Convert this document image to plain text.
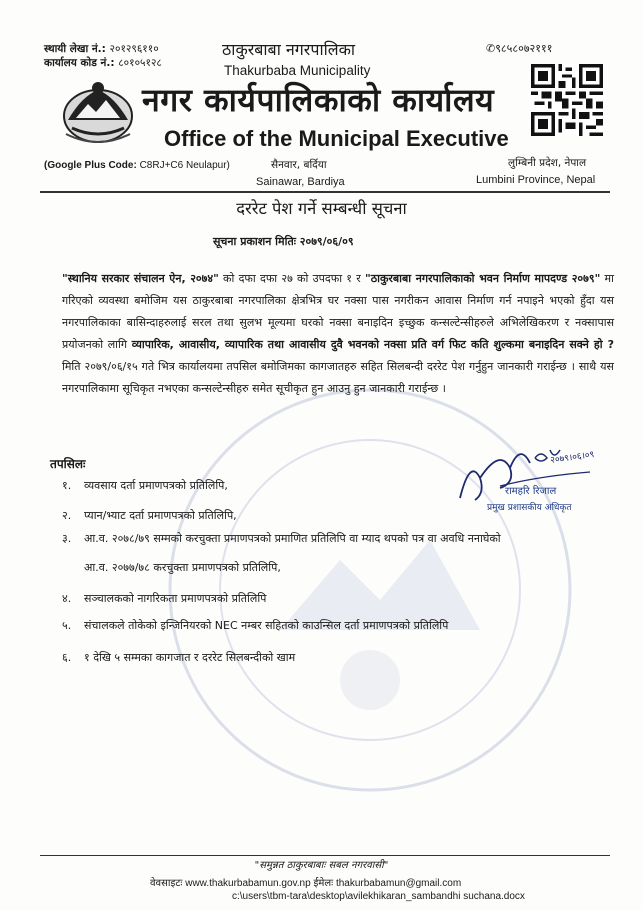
स्थायी लेखा नं.: २०१२९६११०
कार्यालय कोड नं.: ८०१०५१२८
ठाकुरबाबा नगरपालिका
Thakurbaba Municipality
✆९८५८०७२१११
नगर कार्यपालिकाको कार्यालय
Office of the Municipal Executive
(Google Plus Code: C8RJ+C6 Neulapur)	सैनवार, बर्दिया
Sainawar, Bardiya
लुम्बिनी प्रदेश, नेपाल
Lumbini Province, Nepal
दररेट पेश गर्ने सम्बन्धी सूचना
सूचना प्रकाशन मितिः २०७९/०६/०९
"स्थानिय सरकार संचालन ऐन, २०७४" को दफा दफा २७ को उपदफा १ र "ठाकुरबाबा नगरपालिकाको भवन निर्माण मापदण्ड २०७९" मा गरिएको व्यवस्था बमोजिम यस ठाकुरबाबा नगरपालिका क्षेत्रभित्र घर नक्सा पास नगरीकन आवास निर्माण गर्न नपाइने भएको हुँदा यस नगरपालिकाका बासिन्दाहरुलाई सरल तथा सुलभ मूल्यमा घरको नक्सा बनाइदिन इच्छुक कन्सल्टेन्सीहरुले अभिलेखिकरण र नक्सापास प्रयोजनको लागि व्यापारिक, आवासीय, व्यापारिक तथा आवासीय दुवै भवनको नक्सा प्रति वर्ग फिट कति शुल्कमा बनाइदिन सक्ने हो ? मिति २०७९/०६/१५ गते भित्र कार्यालयमा तपसिल बमोजिमका कागजातहरु सहित सिलबन्दी दररेट पेश गर्नुहुन जानकारी गराईन्छ । साथै यस नगरपालिकामा सूचिकृत नभएका कन्सल्टेन्सीहरु समेत सूचीकृत हुन आउनु हुन जानकारी गराईन्छ ।
तपसिलः
१. व्यवसाय दर्ता प्रमाणपत्रको प्रतिलिपि,
२. प्यान/भ्याट दर्ता प्रमाणपत्रको प्रतिलिपि,
३. आ.व. २०७८/७९ सम्मको करचुक्ता प्रमाणपत्रको प्रमाणित प्रतिलिपि वा म्याद थपको पत्र वा अवधि ननाघेको
आ.व. २०७७/७८ करचुक्ता प्रमाणपत्रको प्रतिलिपि,
४. सञ्चालकको नागरिकता प्रमाणपत्रको प्रतिलिपि
५. संचालकले तोकेको इन्जिनियरको NEC नम्बर सहितको काउन्सिल दर्ता प्रमाणपत्रको प्रतिलिपि
६. १ देखि ५ सम्मका कागजात र दररेट सिलबन्दीको खाम
२०७९।०६।०९
रामहरि रिजाल
प्रमुख प्रशासकीय अधिकृत
"समुन्नत ठाकुरबाबाः सबल नगरवासी"
वेवसाइटः www.thakurbabamun.gov.np ईमेलः thakurbabamun@gmail.com
c:\users\tbm-tara\desktop\avilekhikaran_sambandhi suchana.docx
